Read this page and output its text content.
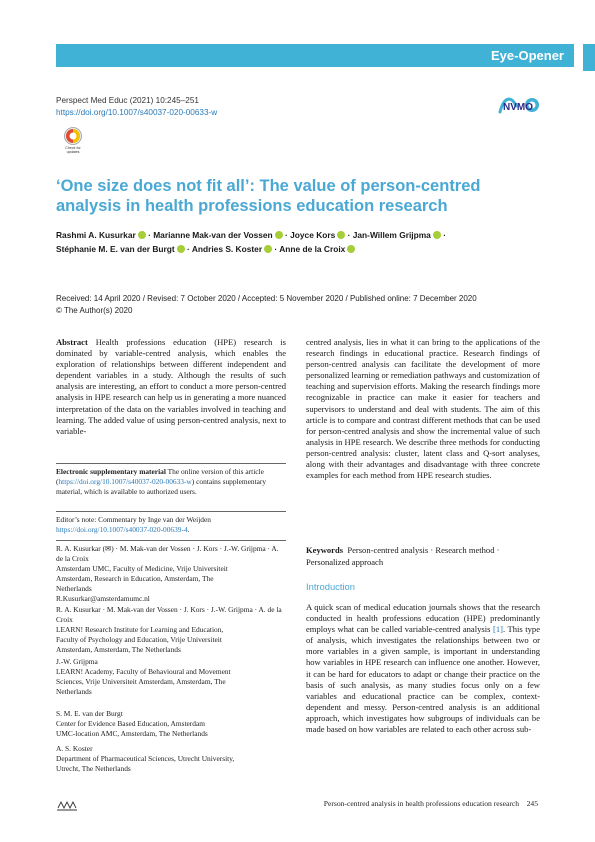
Eye-Opener
Perspect Med Educ (2021) 10:245–251
https://doi.org/10.1007/s40037-020-00633-w
Check for updates
NVMO
‘One size does not fit all’: The value of person-centred analysis in health professions education research
Rashmi A. Kusurkar · Marianne Mak-van der Vossen · Joyce Kors · Jan-Willem Grijpma ·
Stéphanie M. E. van der Burgt · Andries S. Koster · Anne de la Croix
Received: 14 April 2020 / Revised: 7 October 2020 / Accepted: 5 November 2020 / Published online: 7 December 2020
© The Author(s) 2020
Abstract Health professions education (HPE) research is dominated by variable-centred analysis, which enables the exploration of relationships between different independent and dependent variables in a study. Although the results of such analysis are interesting, an effort to conduct a more person-centred analysis in HPE research can help us in generating a more nuanced interpretation of the data on the variables involved in teaching and learning. The added value of using person-centred analysis, next to variable-
Electronic supplementary material The online version of this article (https://doi.org/10.1007/s40037-020-00633-w) contains supplementary material, which is available to authorized users.
Editor’s note: Commentary by Inge van der Weijden https://doi.org/10.1007/s40037-020-00639-4.
R. A. Kusurkar (✉) · M. Mak-van der Vossen · J. Kors · J.-W. Grijpma · A. de la Croix
Amsterdam UMC, Faculty of Medicine, Vrije Universiteit
Amsterdam, Research in Education, Amsterdam, The
Netherlands
R.Kusurkar@amsterdamumc.nl
R. A. Kusurkar · M. Mak-van der Vossen · J. Kors · J.-W. Grijpma · A. de la Croix
LEARN! Research Institute for Learning and Education,
Faculty of Psychology and Education, Vrije Universiteit
Amsterdam, Amsterdam, The Netherlands
J.-W. Grijpma
LEARN! Academy, Faculty of Behavioural and Movement
Sciences, Vrije Universiteit Amsterdam, Amsterdam, The
Netherlands
S. M. E. van der Burgt
Center for Evidence Based Education, Amsterdam
UMC-location AMC, Amsterdam, The Netherlands
A. S. Koster
Department of Pharmaceutical Sciences, Utrecht University,
Utrecht, The Netherlands
centred analysis, lies in what it can bring to the applications of the research findings in educational practice. Research findings of person-centred analysis can facilitate the development of more personalized learning or remediation pathways and customization of teaching and supervision efforts. Making the research findings more recognizable in practice can make it easier for teachers and supervisors to understand and deal with students. The aim of this article is to compare and contrast different methods that can be used for person-centred analysis and show the incremental value of such analysis in HPE research. We describe three methods for conducting person-centred analysis: cluster, latent class and Q-sort analyses, along with their advantages and disadvantage with three concrete examples for each method from HPE research studies.
Keywords Person-centred analysis · Research method · Personalized approach
Introduction
A quick scan of medical education journals shows that the research conducted in health professions education (HPE) predominantly employs what can be called variable-centred analysis [1]. This type of analysis, which investigates the relationships between two or more variables in a given sample, is important in understanding how variables in HPE research can influence one another. However, it can be hard for educators to adapt or change their practice on the basis of such analysis, as many studies focus only on a few variables and educational practice can be complex, context-dependent and messy. Person-centred analysis is an additional approach, which investigates how subgroups of individuals can be made based on how variables are related to each other across sub-
Person-centred analysis in health professions education research 245
